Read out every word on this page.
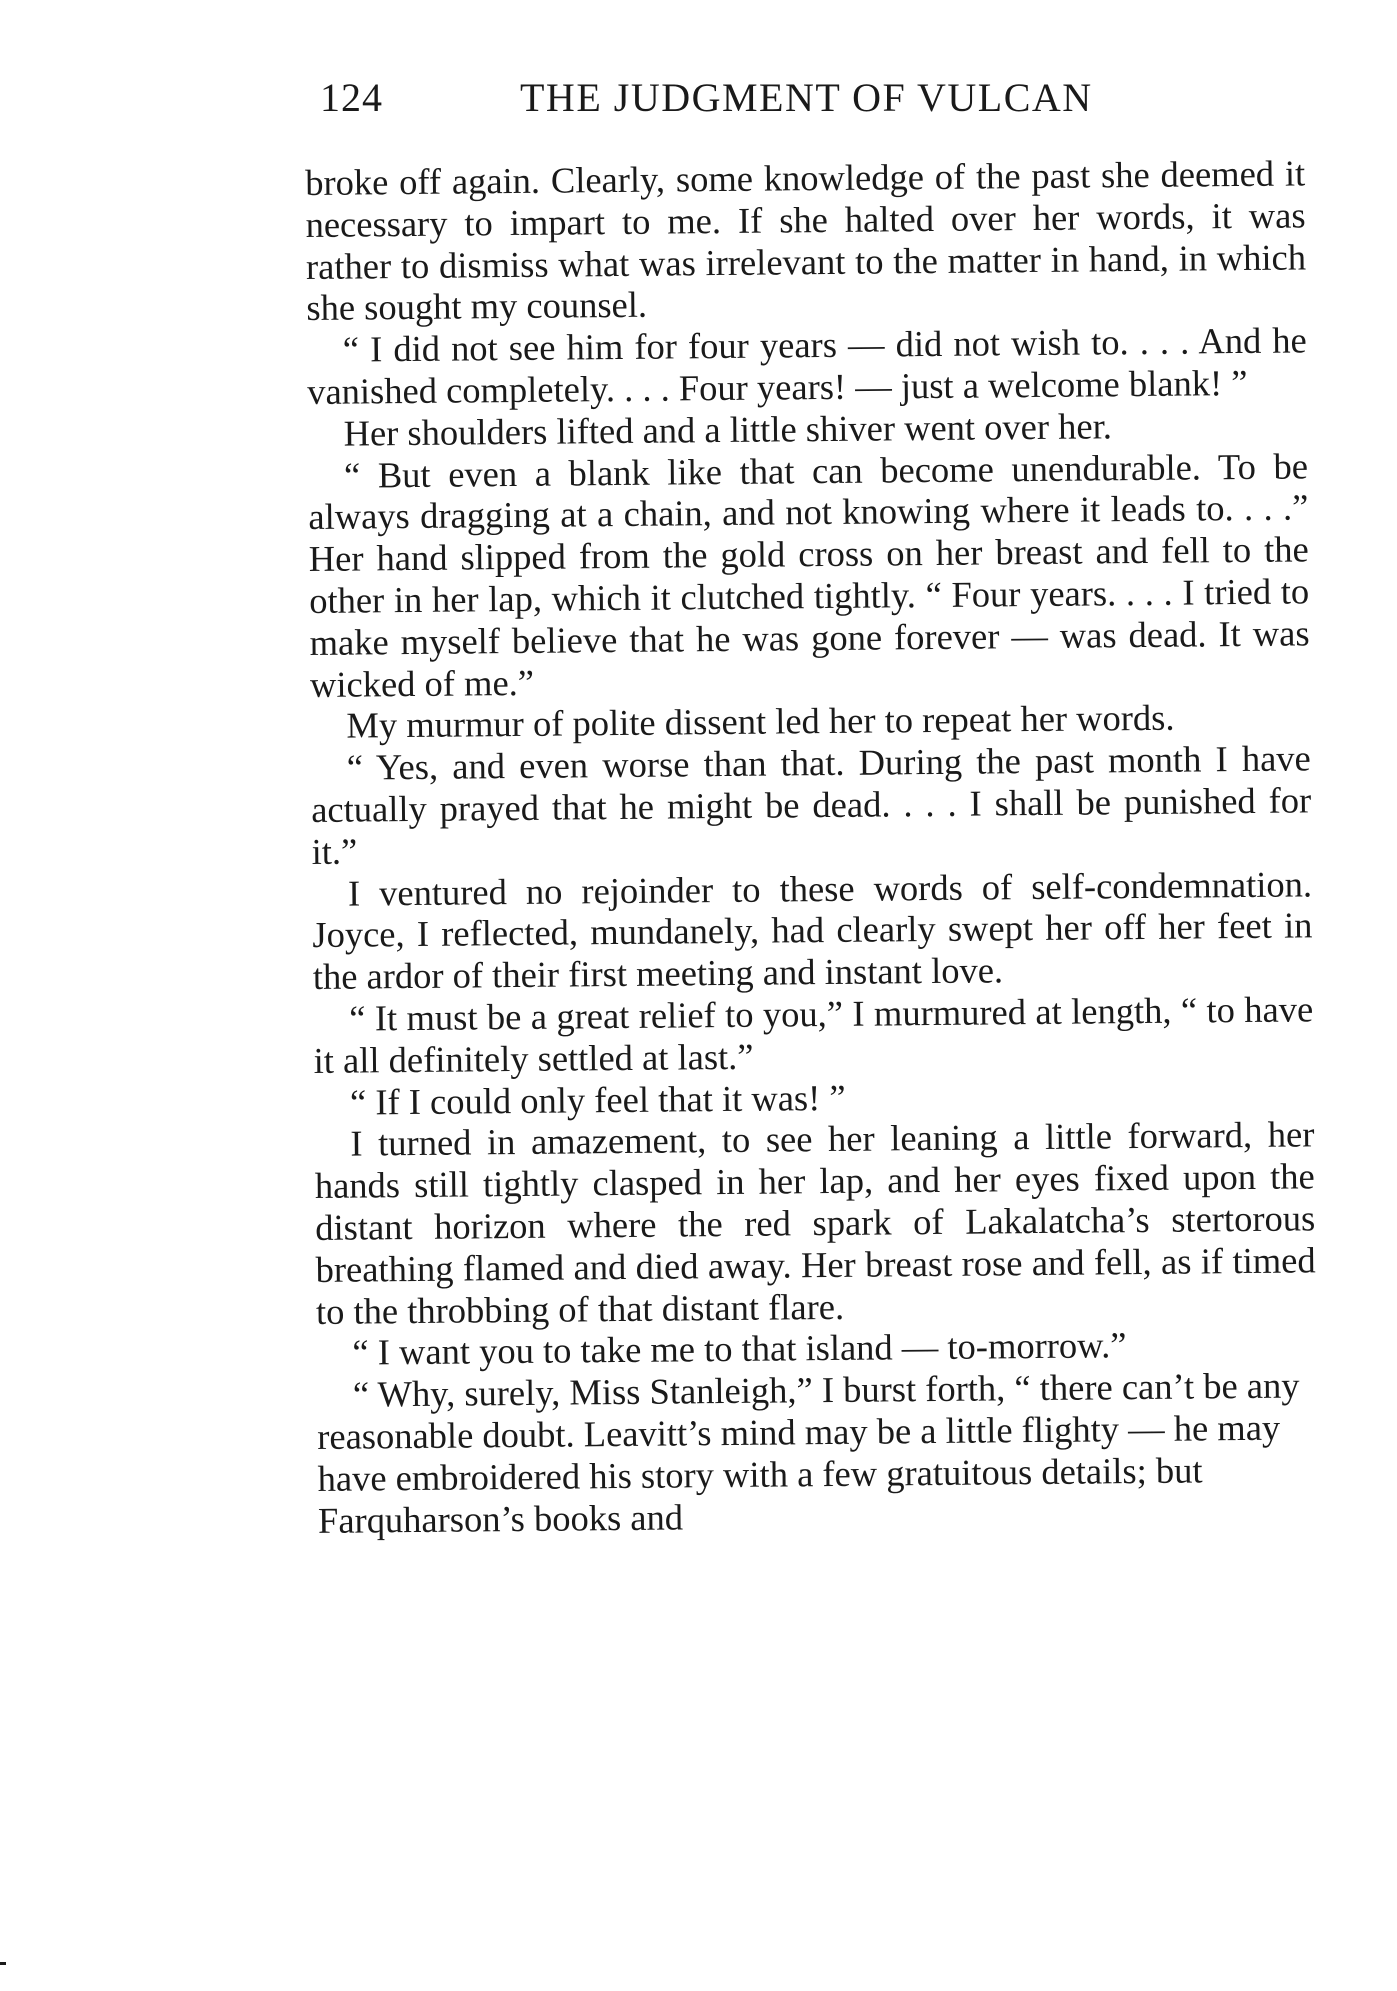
124	THE JUDGMENT OF VULCAN

broke off again. Clearly, some knowledge of the past she deemed it necessary to impart to me. If she halted over her words, it was rather to dismiss what was irrelevant to the matter in hand, in which she sought my counsel.

“ I did not see him for four years — did not wish to. . . . And he vanished completely. . . . Four years! — just a welcome blank! ”

Her shoulders lifted and a little shiver went over her.

“ But even a blank like that can become unendurable. To be always dragging at a chain, and not knowing where it leads to. . . .” Her hand slipped from the gold cross on her breast and fell to the other in her lap, which it clutched tightly. “ Four years. . . . I tried to make myself believe that he was gone forever — was dead. It was wicked of me.”

My murmur of polite dissent led her to repeat her words.

“ Yes, and even worse than that. During the past month I have actually prayed that he might be dead. . . . I shall be punished for it.”

I ventured no rejoinder to these words of self-condemnation. Joyce, I reflected, mundanely, had clearly swept her off her feet in the ardor of their first meeting and instant love.

“ It must be a great relief to you,” I murmured at length, “ to have it all definitely settled at last.”

“ If I could only feel that it was! ”

I turned in amazement, to see her leaning a little forward, her hands still tightly clasped in her lap, and her eyes fixed upon the distant horizon where the red spark of Lakalatcha’s stertorous breathing flamed and died away. Her breast rose and fell, as if timed to the throbbing of that distant flare.

“ I want you to take me to that island — to-morrow.”

“ Why, surely, Miss Stanleigh,” I burst forth, “ there can’t be any reasonable doubt. Leavitt’s mind may be a little flighty — he may have embroidered his story with a few gratuitous details; but Farquharson’s books and
